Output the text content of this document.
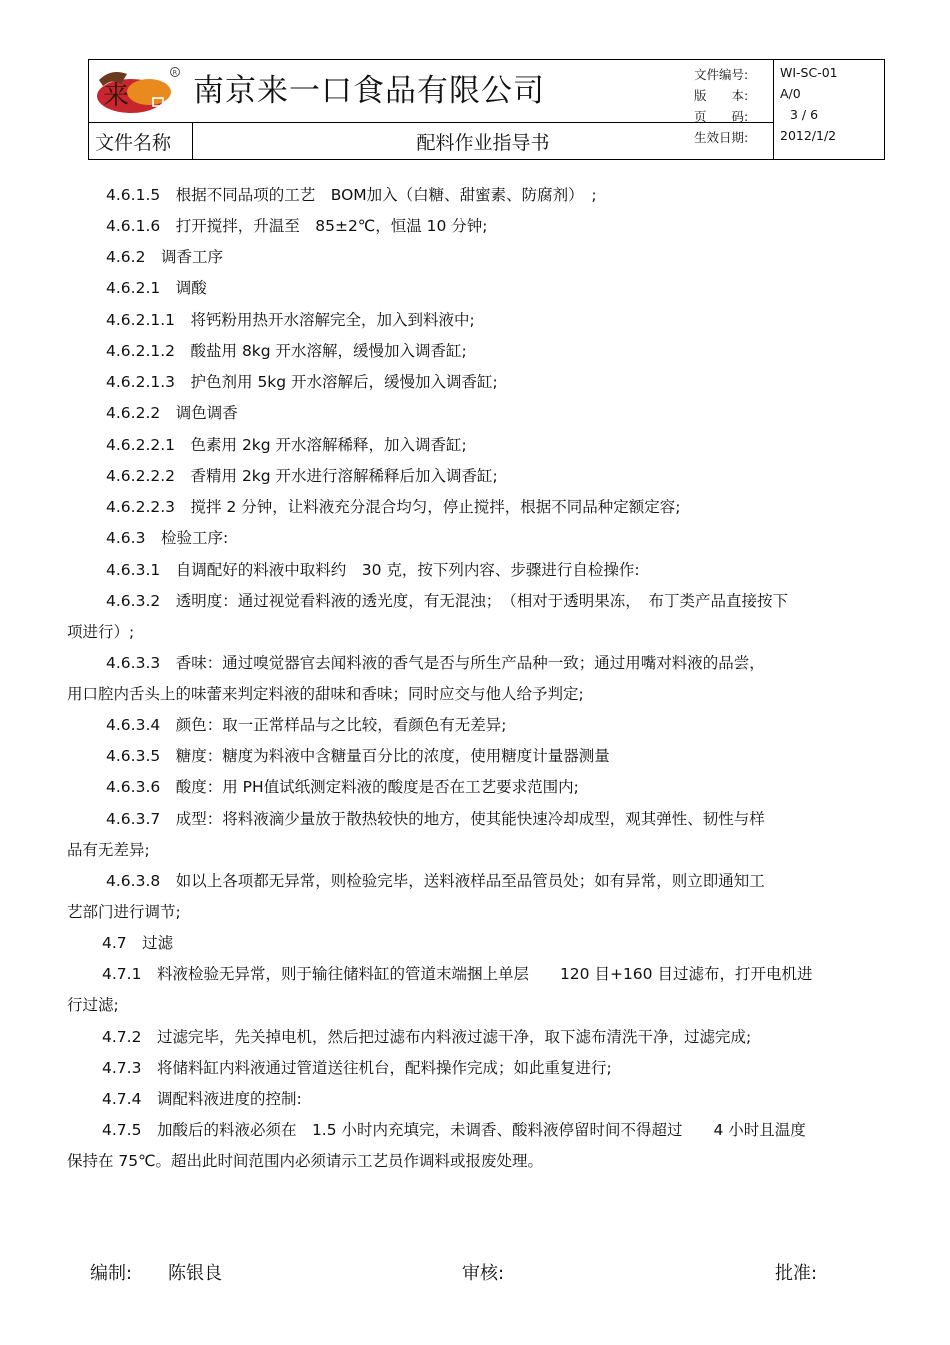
来
R
南京来一口食品有限公司
文件名称	配料作业指导书
文件编号:	WI-SC-01
版　　本:	A/0
页　　码:	3 / 6
生效日期:	2012/1/2
4.6.1.5　根据不同品项的工艺　BOM加入（白糖、甜蜜素、防腐剂）　;
4.6.1.6　打开搅拌，升温至　85±2℃，恒温 10 分钟;
4.6.2　调香工序
4.6.2.1　调酸
4.6.2.1.1　将钙粉用热开水溶解完全，加入到料液中;
4.6.2.1.2　酸盐用 8kg 开水溶解，缓慢加入调香缸;
4.6.2.1.3　护色剂用 5kg 开水溶解后，缓慢加入调香缸;
4.6.2.2　调色调香
4.6.2.2.1　色素用 2kg 开水溶解稀释，加入调香缸;
4.6.2.2.2　香精用 2kg 开水进行溶解稀释后加入调香缸;
4.6.2.2.3　搅拌 2 分钟，让料液充分混合均匀，停止搅拌，根据不同品种定额定容;
4.6.3　检验工序:
4.6.3.1　自调配好的料液中取料约　30 克，按下列内容、步骤进行自检操作:
4.6.3.2　透明度：通过视觉看料液的透光度，有无混浊；　（相对于透明果冻，　布丁类产品直接按下
项进行）;
4.6.3.3　香味：通过嗅觉器官去闻料液的香气是否与所生产品种一致；通过用嘴对料液的品尝，
用口腔内舌头上的味蕾来判定料液的甜味和香味；同时应交与他人给予判定;
4.6.3.4　颜色：取一正常样品与之比较，看颜色有无差异;
4.6.3.5　糖度：糖度为料液中含糖量百分比的浓度，使用糖度计量器测量
4.6.3.6　酸度：用 PH值试纸测定料液的酸度是否在工艺要求范围内;
4.6.3.7　成型：将料液滴少量放于散热较快的地方，使其能快速冷却成型，观其弹性、韧性与样
品有无差异;
4.6.3.8　如以上各项都无异常，则检验完毕，送料液样品至品管员处；如有异常，则立即通知工
艺部门进行调节;
4.7　过滤
4.7.1　料液检验无异常，则于输往储料缸的管道末端捆上单层　　120 目+160 目过滤布，打开电机进
行过滤;
4.7.2　过滤完毕，先关掉电机，然后把过滤布内料液过滤干净，取下滤布清洗干净，过滤完成;
4.7.3　将储料缸内料液通过管道送往机台，配料操作完成；如此重复进行;
4.7.4　调配料液进度的控制:
4.7.5　加酸后的料液必须在　1.5 小时内充填完，未调香、酸料液停留时间不得超过　　4 小时且温度
保持在 75℃。超出此时间范围内必须请示工艺员作调料或报废处理。
编制: 陈银良	审核:	批准:
